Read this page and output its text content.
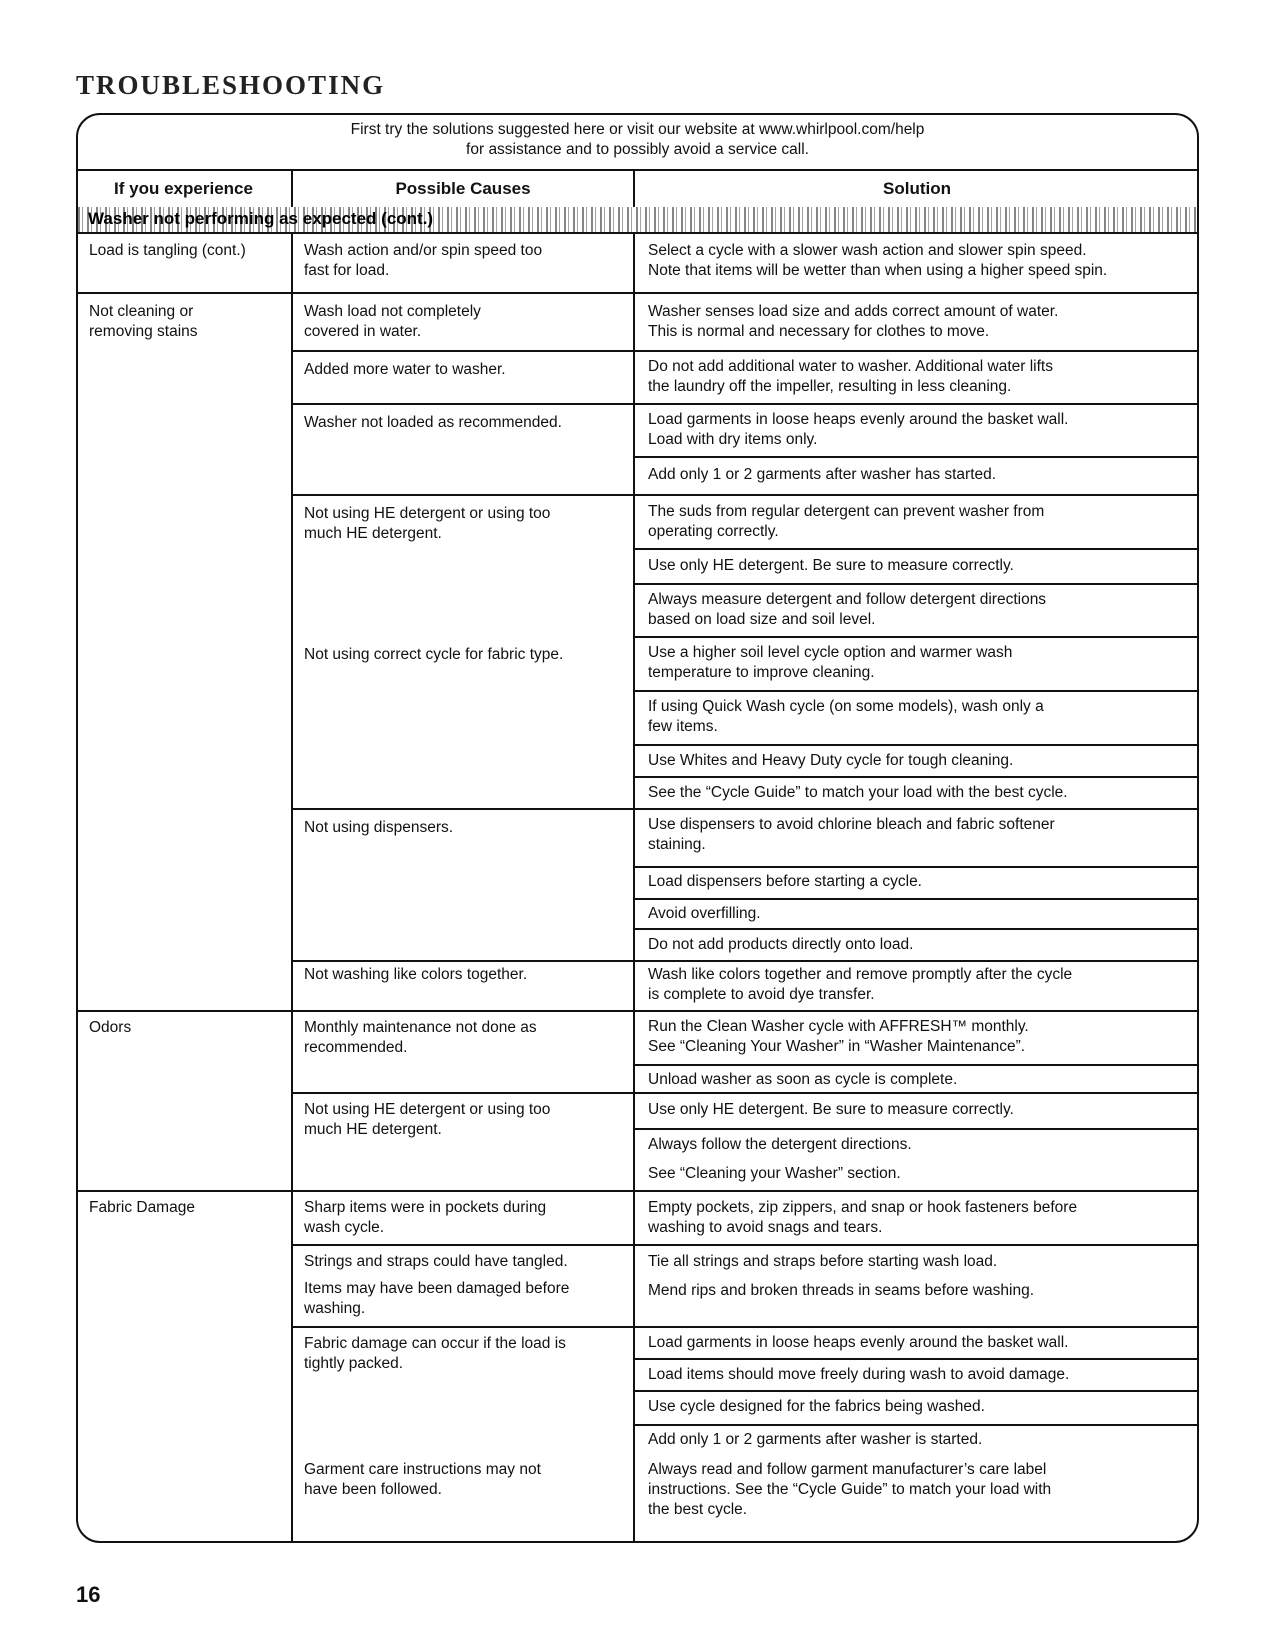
TROUBLESHOOTING
First try the solutions suggested here or visit our website at www.whirlpool.com/help
for assistance and to possibly avoid a service call.
If you experience	Possible Causes	Solution
Washer not performing as expected (cont.)
Load is tangling (cont.)
Not cleaning or
removing stains
Odors
Fabric Damage
Wash action and/or spin speed too
fast for load.
Wash load not completely
covered in water.
Added more water to washer.
Washer not loaded as recommended.
Not using HE detergent or using too
much HE detergent.
Not using correct cycle for fabric type.
Not using dispensers.
Not washing like colors together.
Monthly maintenance not done as
recommended.
Not using HE detergent or using too
much HE detergent.
Sharp items were in pockets during
wash cycle.
Strings and straps could have tangled.
Items may have been damaged before
washing.
Fabric damage can occur if the load is
tightly packed.
Garment care instructions may not
have been followed.
Select a cycle with a slower wash action and slower spin speed.
Note that items will be wetter than when using a higher speed spin.
Washer senses load size and adds correct amount of water.
This is normal and necessary for clothes to move.
Do not add additional water to washer. Additional water lifts
the laundry off the impeller, resulting in less cleaning.
Load garments in loose heaps evenly around the basket wall.
Load with dry items only.
Add only 1 or 2 garments after washer has started.
The suds from regular detergent can prevent washer from
operating correctly.
Use only HE detergent. Be sure to measure correctly.
Always measure detergent and follow detergent directions
based on load size and soil level.
Use a higher soil level cycle option and warmer wash
temperature to improve cleaning.
If using Quick Wash cycle (on some models), wash only a
few items.
Use Whites and Heavy Duty cycle for tough cleaning.
See the “Cycle Guide” to match your load with the best cycle.
Use dispensers to avoid chlorine bleach and fabric softener
staining.
Load dispensers before starting a cycle.
Avoid overfilling.
Do not add products directly onto load.
Wash like colors together and remove promptly after the cycle
is complete to avoid dye transfer.
Run the Clean Washer cycle with AFFRESH™ monthly.
See “Cleaning Your Washer” in “Washer Maintenance”.
Unload washer as soon as cycle is complete.
Use only HE detergent. Be sure to measure correctly.
Always follow the detergent directions.
See “Cleaning your Washer” section.
Empty pockets, zip zippers, and snap or hook fasteners before
washing to avoid snags and tears.
Tie all strings and straps before starting wash load.
Mend rips and broken threads in seams before washing.
Load garments in loose heaps evenly around the basket wall.
Load items should move freely during wash to avoid damage.
Use cycle designed for the fabrics being washed.
Add only 1 or 2 garments after washer is started.
Always read and follow garment manufacturer’s care label
instructions. See the “Cycle Guide” to match your load with
the best cycle.
16
